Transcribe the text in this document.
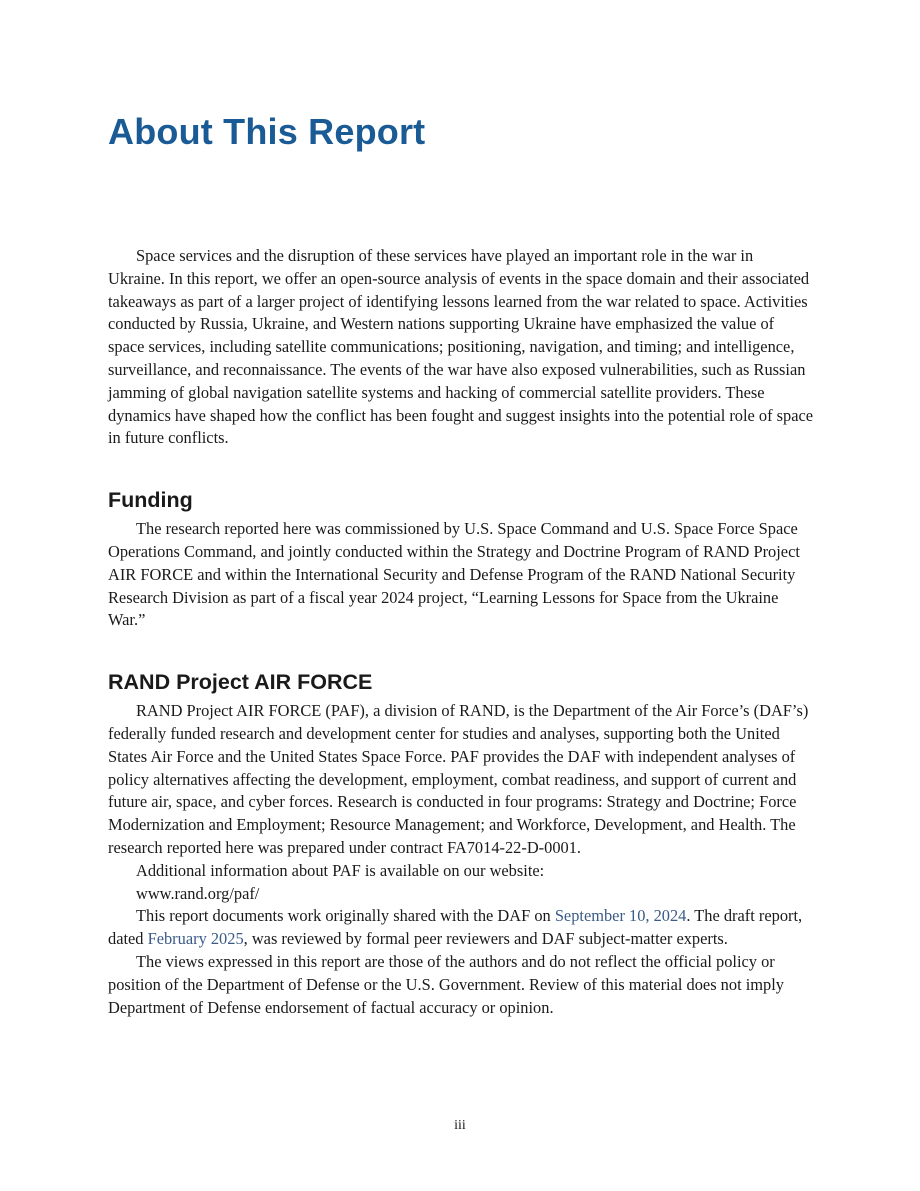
About This Report

Space services and the disruption of these services have played an important role in the war in Ukraine. In this report, we offer an open-source analysis of events in the space domain and their associated takeaways as part of a larger project of identifying lessons learned from the war related to space. Activities conducted by Russia, Ukraine, and Western nations supporting Ukraine have emphasized the value of space services, including satellite communications; positioning, navigation, and timing; and intelligence, surveillance, and reconnaissance. The events of the war have also exposed vulnerabilities, such as Russian jamming of global navigation satellite systems and hacking of commercial satellite providers. These dynamics have shaped how the conflict has been fought and suggest insights into the potential role of space in future conflicts.

Funding

The research reported here was commissioned by U.S. Space Command and U.S. Space Force Space Operations Command, and jointly conducted within the Strategy and Doctrine Program of RAND Project AIR FORCE and within the International Security and Defense Program of the RAND National Security Research Division as part of a fiscal year 2024 project, “Learning Lessons for Space from the Ukraine War.”

RAND Project AIR FORCE

RAND Project AIR FORCE (PAF), a division of RAND, is the Department of the Air Force’s (DAF’s) federally funded research and development center for studies and analyses, supporting both the United States Air Force and the United States Space Force. PAF provides the DAF with independent analyses of policy alternatives affecting the development, employment, combat readiness, and support of current and future air, space, and cyber forces. Research is conducted in four programs: Strategy and Doctrine; Force Modernization and Employment; Resource Management; and Workforce, Development, and Health. The research reported here was prepared under contract FA7014-22-D-0001.

Additional information about PAF is available on our website:

www.rand.org/paf/

This report documents work originally shared with the DAF on September 10, 2024. The draft report, dated February 2025, was reviewed by formal peer reviewers and DAF subject-matter experts.

The views expressed in this report are those of the authors and do not reflect the official policy or position of the Department of Defense or the U.S. Government. Review of this material does not imply Department of Defense endorsement of factual accuracy or opinion.

iii
